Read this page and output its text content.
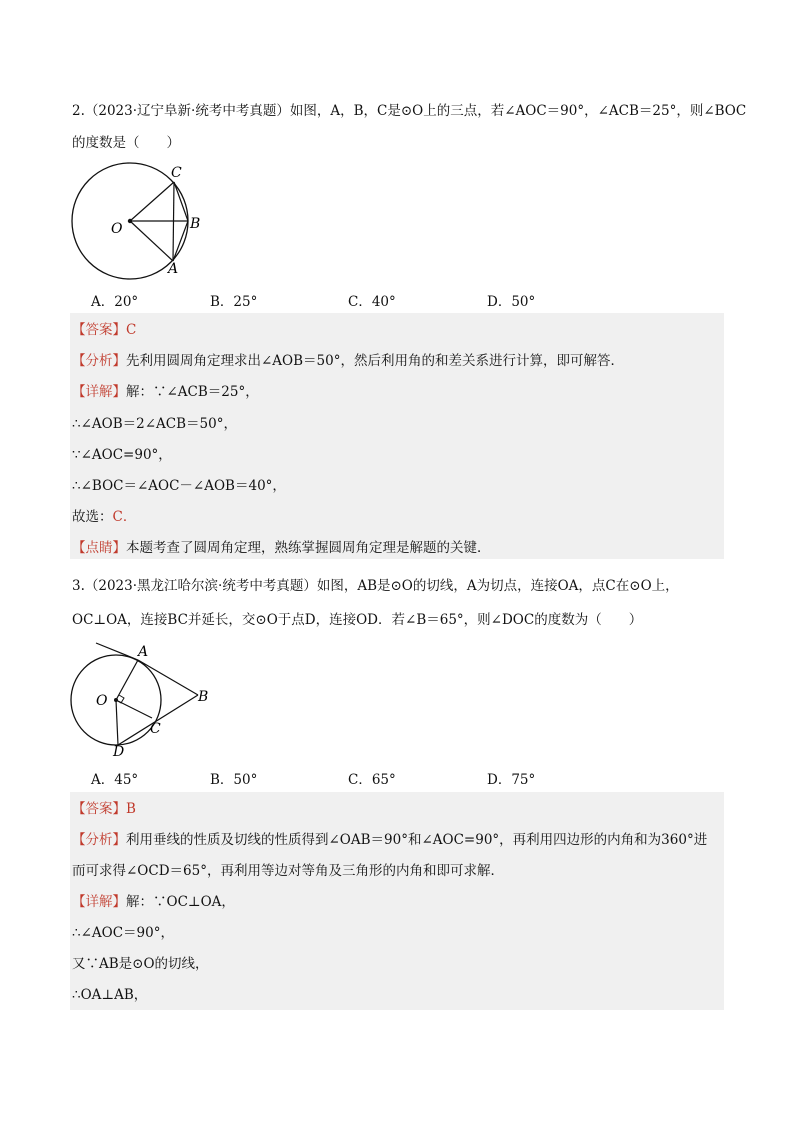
2.（2023·辽宁阜新·统考中考真题）如图，A，B，C是⊙O上的三点，若∠AOC＝90°，∠ACB＝25°，则∠BOC
的度数是（　　）
C
O	B
A
A．20°	B．25°	C．40°	D．50°
【答案】C
【分析】先利用圆周角定理求出∠AOB＝50°，然后利用角的和差关系进行计算，即可解答．
【详解】解：∵∠ACB＝25°，
∴∠AOB＝2∠ACB＝50°，
∵∠AOC=90°，
∴∠BOC＝∠AOC－∠AOB＝40°，
故选：C．
【点睛】本题考查了圆周角定理，熟练掌握圆周角定理是解题的关键．
3.（2023·黑龙江哈尔滨·统考中考真题）如图，AB是⊙O的切线，A为切点，连接OA，点C在⊙O上，
OC⊥OA，连接BC并延长，交⊙O于点D，连接OD．若∠B＝65°，则∠DOC的度数为（　　）
A
O	B
C
D
A．45°	B．50°	C．65°	D．75°
【答案】B
【分析】利用垂线的性质及切线的性质得到∠OAB＝90°和∠AOC=90°，再利用四边形的内角和为360°进
而可求得∠OCD＝65°，再利用等边对等角及三角形的内角和即可求解．
【详解】解：∵OC⊥OA，
∴∠AOC＝90°，
又∵AB是⊙O的切线，
∴OA⊥AB，
